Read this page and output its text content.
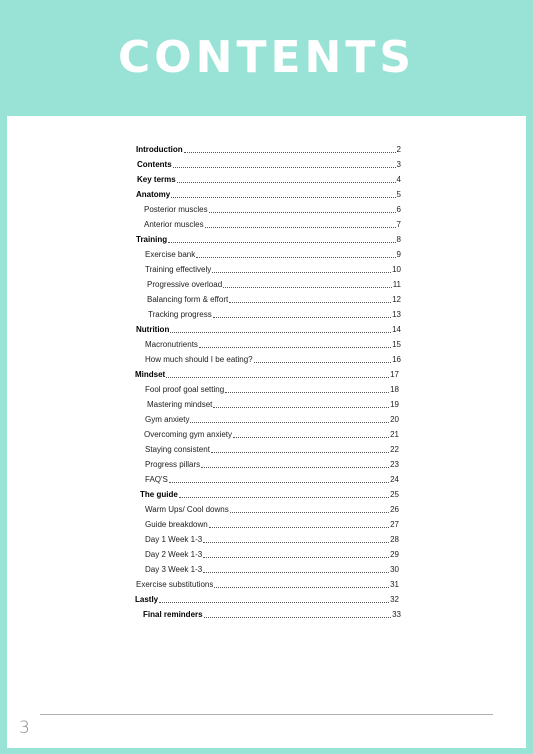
CONTENTS
Introduction	2
Contents	3
Key terms	4
Anatomy	5
Posterior muscles	6
Anterior muscles	7
Training	8
Exercise bank	9
Training effectively	10
Progressive overload	11
Balancing form & effort	12
Tracking progress	13
Nutrition	14
Macronutrients	15
How much should I be eating?	16
Mindset	17
Fool proof goal setting	18
Mastering mindset	19
Gym anxiety	20
Overcoming gym anxiety	21
Staying consistent	22
Progress pillars	23
FAQ'S	24
The guide	25
Warm Ups/ Cool downs	26
Guide breakdown	27
Day 1 Week 1-3	28
Day 2 Week 1-3	29
Day 3 Week 1-3	30
Exercise substitutions	31
Lastly	32
Final reminders	33
3
